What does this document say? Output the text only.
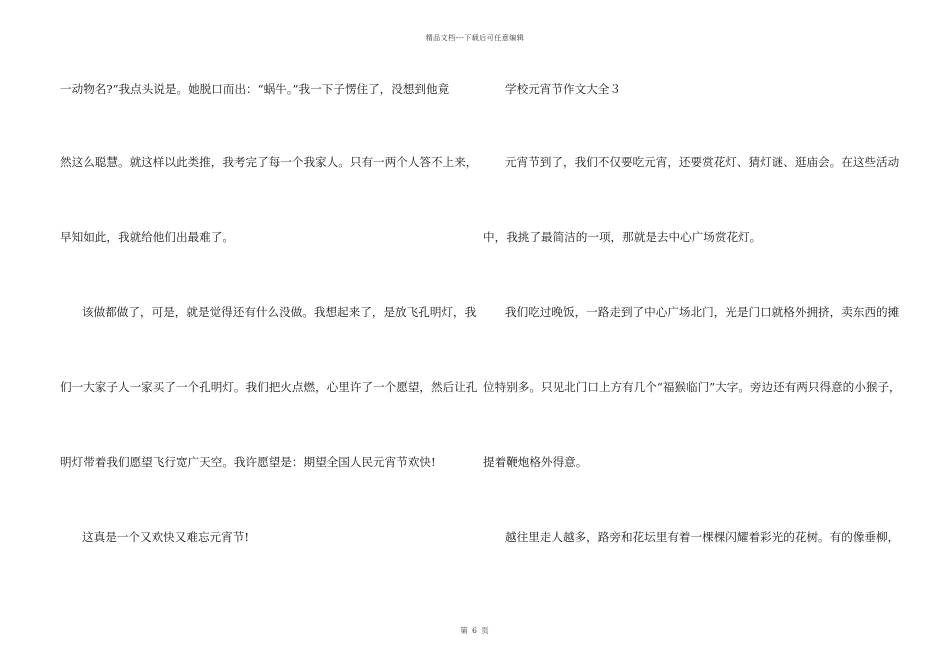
精品文档---下载后可任意编辑
一动物名?”我点头说是。她脱口而出：“蜗牛。”我一下子愣住了，没想到他竟
然这么聪慧。就这样以此类推，我考完了每一个我家人。只有一两个人答不上来，
早知如此，我就给他们出最难了。
该做都做了，可是，就是觉得还有什么没做。我想起来了，是放飞孔明灯，我
们一大家子人一家买了一个孔明灯。我们把火点燃，心里许了一个愿望，然后让孔
明灯带着我们愿望飞行宽广天空。我许愿望是：期望全国人民元宵节欢快!
这真是一个又欢快又难忘元宵节!
学校元宵节作文大全３
元宵节到了，我们不仅要吃元宵，还要赏花灯、猜灯谜、逛庙会。在这些活动
中，我挑了最简洁的一项，那就是去中心广场赏花灯。
我们吃过晚饭，一路走到了中心广场北门，光是门口就格外拥挤，卖东西的摊
位特别多。只见北门口上方有几个“福猴临门”大字。旁边还有两只得意的小猴子，
提着鞭炮格外得意。
越往里走人越多，路旁和花坛里有着一棵棵闪耀着彩光的花树。有的像垂柳，
第 6 页
